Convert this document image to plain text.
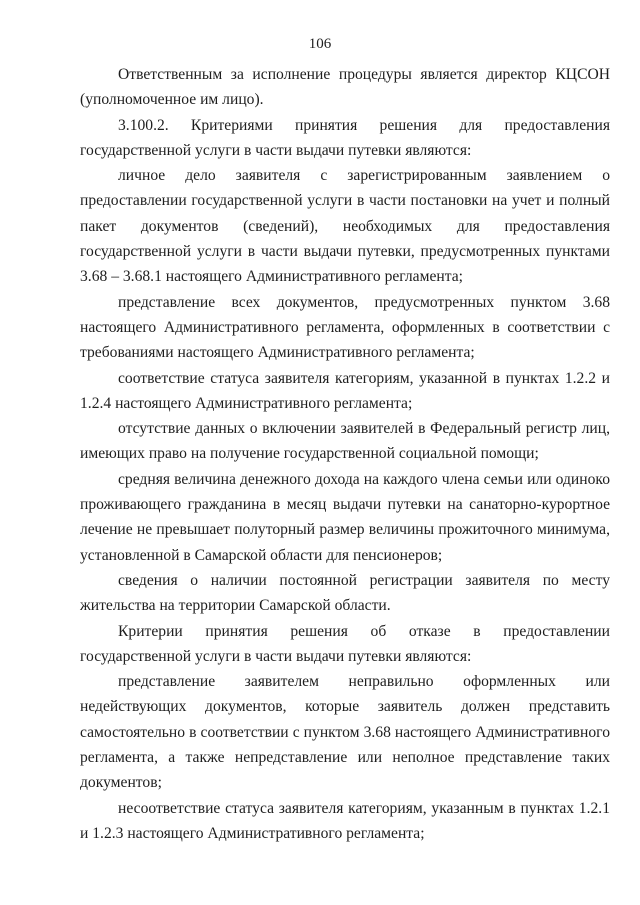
106

Ответственным за исполнение процедуры является директор КЦСОН (уполномоченное им лицо).

3.100.2. Критериями принятия решения для предоставления государственной услуги в части выдачи путевки являются:

личное дело заявителя с зарегистрированным заявлением о предоставлении государственной услуги в части постановки на учет и полный пакет документов (сведений), необходимых для предоставления государственной услуги в части выдачи путевки, предусмотренных пунктами 3.68 – 3.68.1 настоящего Административного регламента;

представление всех документов, предусмотренных пунктом 3.68 настоящего Административного регламента, оформленных в соответствии с требованиями настоящего Административного регламента;

соответствие статуса заявителя категориям, указанной в пунктах 1.2.2 и 1.2.4 настоящего Административного регламента;

отсутствие данных о включении заявителей в Федеральный регистр лиц, имеющих право на получение государственной социальной помощи;

средняя величина денежного дохода на каждого члена семьи или одиноко проживающего гражданина в месяц выдачи путевки на санаторно-курортное лечение не превышает полуторный размер величины прожиточного минимума, установленной в Самарской области для пенсионеров;

сведения о наличии постоянной регистрации заявителя по месту жительства на территории Самарской области.

Критерии принятия решения об отказе в предоставлении государственной услуги в части выдачи путевки являются:

представление заявителем неправильно оформленных или недействующих документов, которые заявитель должен представить самостоятельно в соответствии с пунктом 3.68 настоящего Административного регламента, а также непредставление или неполное представление таких документов;

несоответствие статуса заявителя категориям, указанным в пунктах 1.2.1 и 1.2.3 настоящего Административного регламента;
